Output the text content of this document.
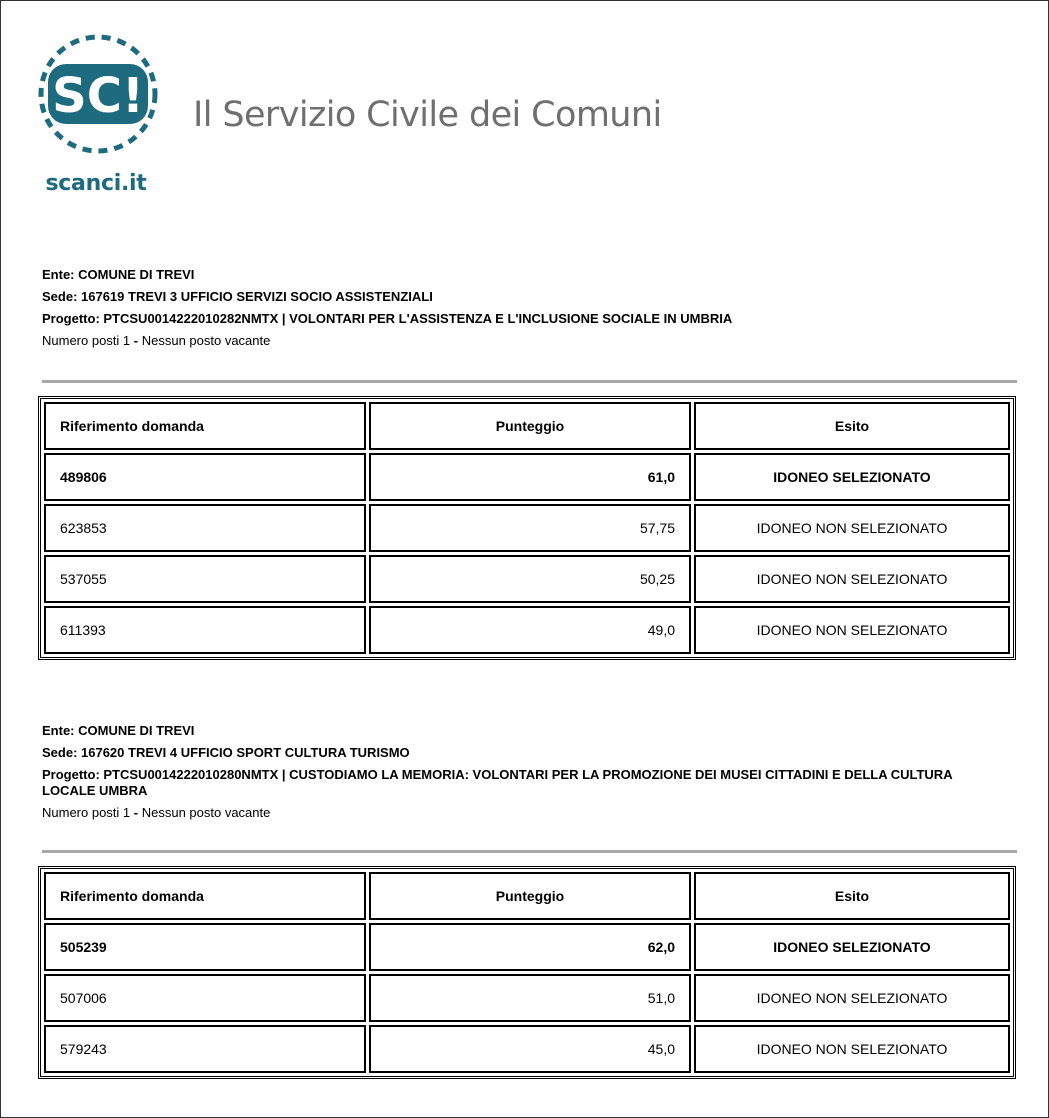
SC!
scanci.it
Il Servizio Civile dei Comuni
Ente: COMUNE DI TREVI
Sede: 167619 TREVI 3 UFFICIO SERVIZI SOCIO ASSISTENZIALI
Progetto: PTCSU0014222010282NMTX | VOLONTARI PER L'ASSISTENZA E L'INCLUSIONE SOCIALE IN UMBRIA
Numero posti 1 - Nessun posto vacante
Riferimento domanda	Punteggio	Esito
489806	61,0	IDONEO SELEZIONATO
623853	57,75	IDONEO NON SELEZIONATO
537055	50,25	IDONEO NON SELEZIONATO
611393	49,0	IDONEO NON SELEZIONATO
Ente: COMUNE DI TREVI
Sede: 167620 TREVI 4 UFFICIO SPORT CULTURA TURISMO
Progetto: PTCSU0014222010280NMTX | CUSTODIAMO LA MEMORIA: VOLONTARI PER LA PROMOZIONE DEI MUSEI CITTADINI E DELLA CULTURA LOCALE UMBRA
Numero posti 1 - Nessun posto vacante
Riferimento domanda	Punteggio	Esito
505239	62,0	IDONEO SELEZIONATO
507006	51,0	IDONEO NON SELEZIONATO
579243	45,0	IDONEO NON SELEZIONATO
